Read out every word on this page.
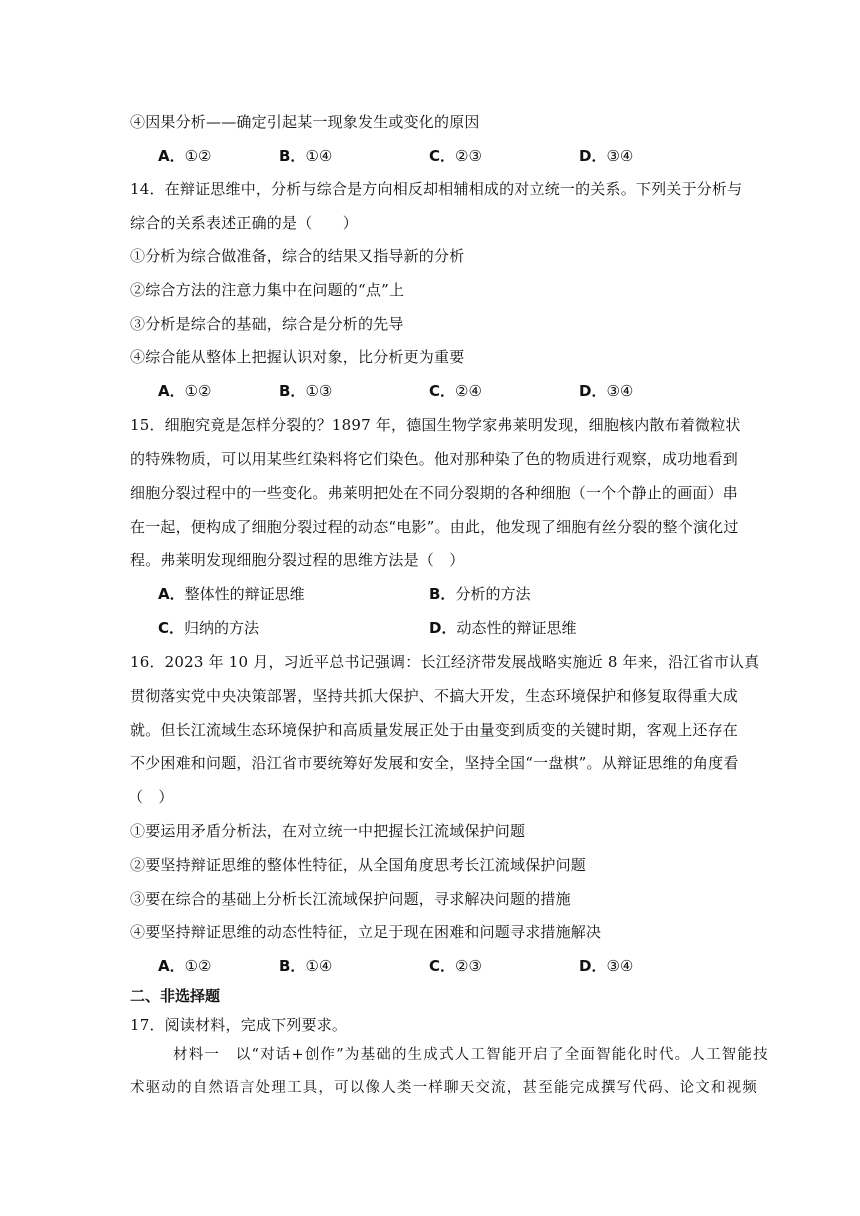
④因果分析——确定引起某一现象发生或变化的原因
A．①②	B．①④	C．②③	D．③④
14．在辩证思维中，分析与综合是方向相反却相辅相成的对立统一的关系。下列关于分析与
综合的关系表述正确的是（　　）
①分析为综合做准备，综合的结果又指导新的分析
②综合方法的注意力集中在问题的“点”上
③分析是综合的基础，综合是分析的先导
④综合能从整体上把握认识对象，比分析更为重要
A．①②	B．①③	C．②④	D．③④
15．细胞究竟是怎样分裂的？1897 年，德国生物学家弗莱明发现，细胞核内散布着微粒状
的特殊物质，可以用某些红染料将它们染色。他对那种染了色的物质进行观察，成功地看到
细胞分裂过程中的一些变化。弗莱明把处在不同分裂期的各种细胞（一个个静止的画面）串
在一起，便构成了细胞分裂过程的动态“电影”。由此，他发现了细胞有丝分裂的整个演化过
程。弗莱明发现细胞分裂过程的思维方法是（　）
A．整体性的辩证思维	B．分析的方法
C．归纳的方法	D．动态性的辩证思维
16．2023 年 10 月，习近平总书记强调：长江经济带发展战略实施近 8 年来，沿江省市认真
贯彻落实党中央决策部署，坚持共抓大保护、不搞大开发，生态环境保护和修复取得重大成
就。但长江流域生态环境保护和高质量发展正处于由量变到质变的关键时期，客观上还存在
不少困难和问题，沿江省市要统筹好发展和安全，坚持全国“一盘棋”。从辩证思维的角度看
（　）
①要运用矛盾分析法，在对立统一中把握长江流域保护问题
②要坚持辩证思维的整体性特征，从全国角度思考长江流域保护问题
③要在综合的基础上分析长江流域保护问题，寻求解决问题的措施
④要坚持辩证思维的动态性特征，立足于现在困难和问题寻求措施解决
A．①②	B．①④	C．②③	D．③④
二、非选择题
17．阅读材料，完成下列要求。
材料一　以“对话+创作”为基础的生成式人工智能开启了全面智能化时代。人工智能技
术驱动的自然语言处理工具，可以像人类一样聊天交流，甚至能完成撰写代码、论文和视频
